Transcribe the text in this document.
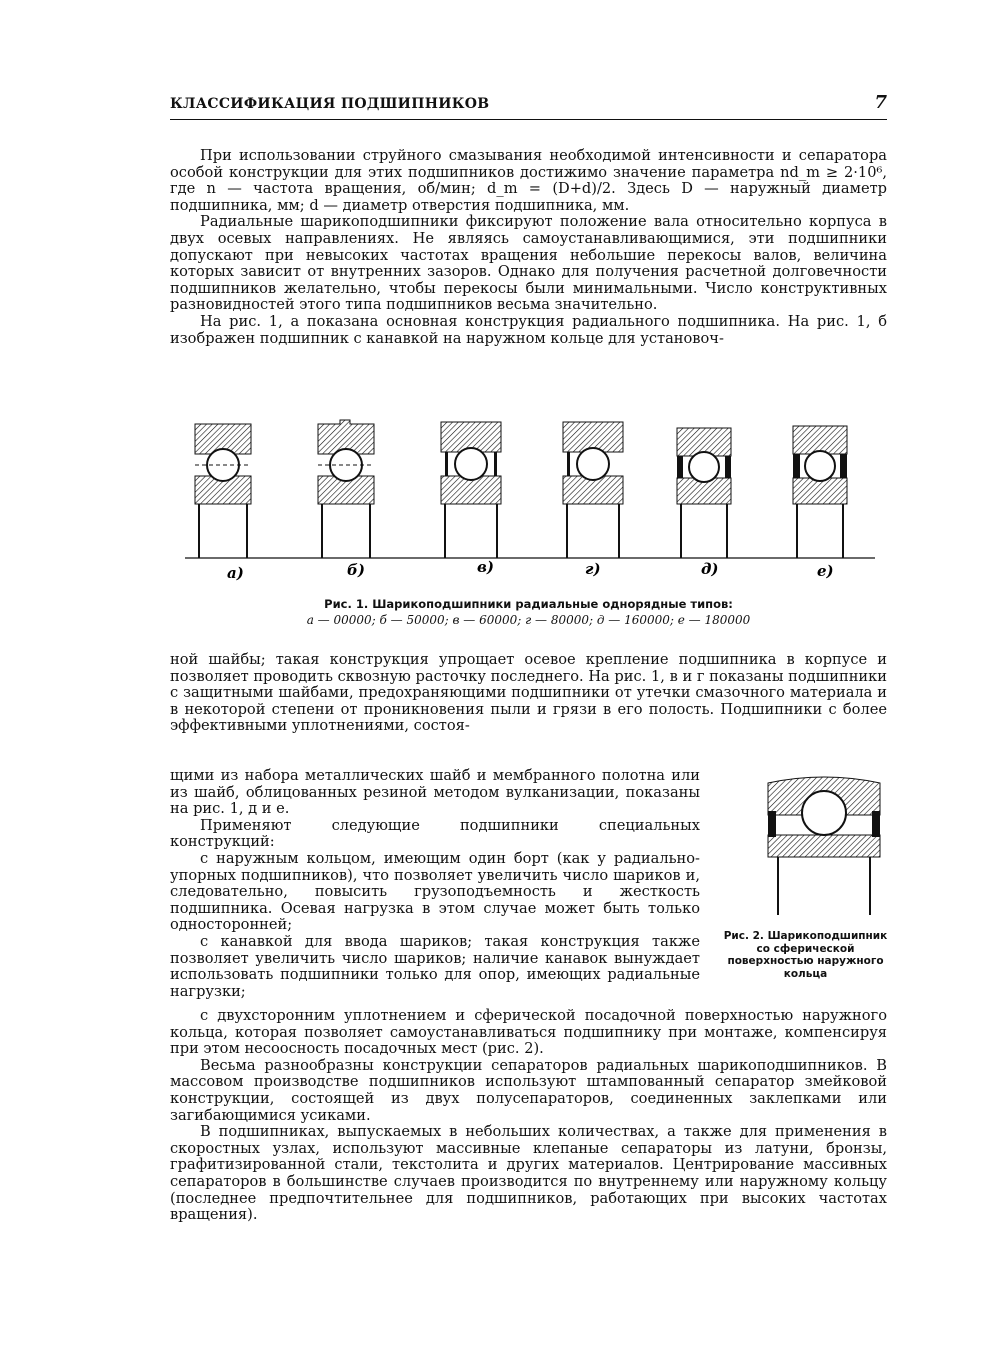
КЛАССИФИКАЦИЯ ПОДШИПНИКОВ	7

При использовании струйного смазывания необходимой интенсивности и сепаратора особой конструкции для этих подшипников достижимо значение параметра nd_m ≥ 2·10⁶, где n — частота вращения, об/мин; d_m = (D+d)/2. Здесь D — наружный диаметр подшипника, мм; d — диаметр отверстия подшипника, мм.

Радиальные шарикоподшипники фиксируют положение вала относительно корпуса в двух осевых направлениях. Не являясь самоустанавливающимися, эти подшипники допускают при невысоких частотах вращения небольшие перекосы валов, величина которых зависит от внутренних зазоров. Однако для получения расчетной долговечности подшипников желательно, чтобы перекосы были минимальными. Число конструктивных разновидностей этого типа подшипников весьма значительно.

На рис. 1, а показана основная конструкция радиального подшипника. На рис. 1, б изображен подшипник с канавкой на наружном кольце для установоч-

а)	б)	в)	г)	д)	е)
Рис. 1. Шарикоподшипники радиальные однорядные типов:
а — 00000; б — 50000; в — 60000; г — 80000; д — 160000; е — 180000

ной шайбы; такая конструкция упрощает осевое крепление подшипника в корпусе и позволяет проводить сквозную расточку последнего. На рис. 1, в и г показаны подшипники с защитными шайбами, предохраняющими подшипники от утечки смазочного материала и в некоторой степени от проникновения пыли и грязи в его полость. Подшипники с более эффективными уплотнениями, состоя-

щими из набора металлических шайб и мембранного полотна или из шайб, облицованных резиной методом вулканизации, показаны на рис. 1, д и е.

Применяют следующие подшипники специальных конструкций:

с наружным кольцом, имеющим один борт (как у радиально-упорных подшипников), что позволяет увеличить число шариков и, следовательно, повысить грузоподъемность и жесткость подшипника. Осевая нагрузка в этом случае может быть только односторонней;

с канавкой для ввода шариков; такая конструкция также позволяет увеличить число шариков; наличие канавок вынуждает использовать подшипники только для опор, имеющих радиальные нагрузки;

Рис. 2. Шарикоподшипник со сферической поверхностью наружного кольца

с двухсторонним уплотнением и сферической посадочной поверхностью наружного кольца, которая позволяет самоустанавливаться подшипнику при монтаже, компенсируя при этом несоосность посадочных мест (рис. 2).

Весьма разнообразны конструкции сепараторов радиальных шарикоподшипников. В массовом производстве подшипников используют штампованный сепаратор змейковой конструкции, состоящей из двух полусепараторов, соединенных заклепками или загибающимися усиками.

В подшипниках, выпускаемых в небольших количествах, а также для применения в скоростных узлах, используют массивные клепаные сепараторы из латуни, бронзы, графитизированной стали, текстолита и других материалов. Центрирование массивных сепараторов в большинстве случаев производится по внутреннему или наружному кольцу (последнее предпочтительнее для подшипников, работающих при высоких частотах вращения).
